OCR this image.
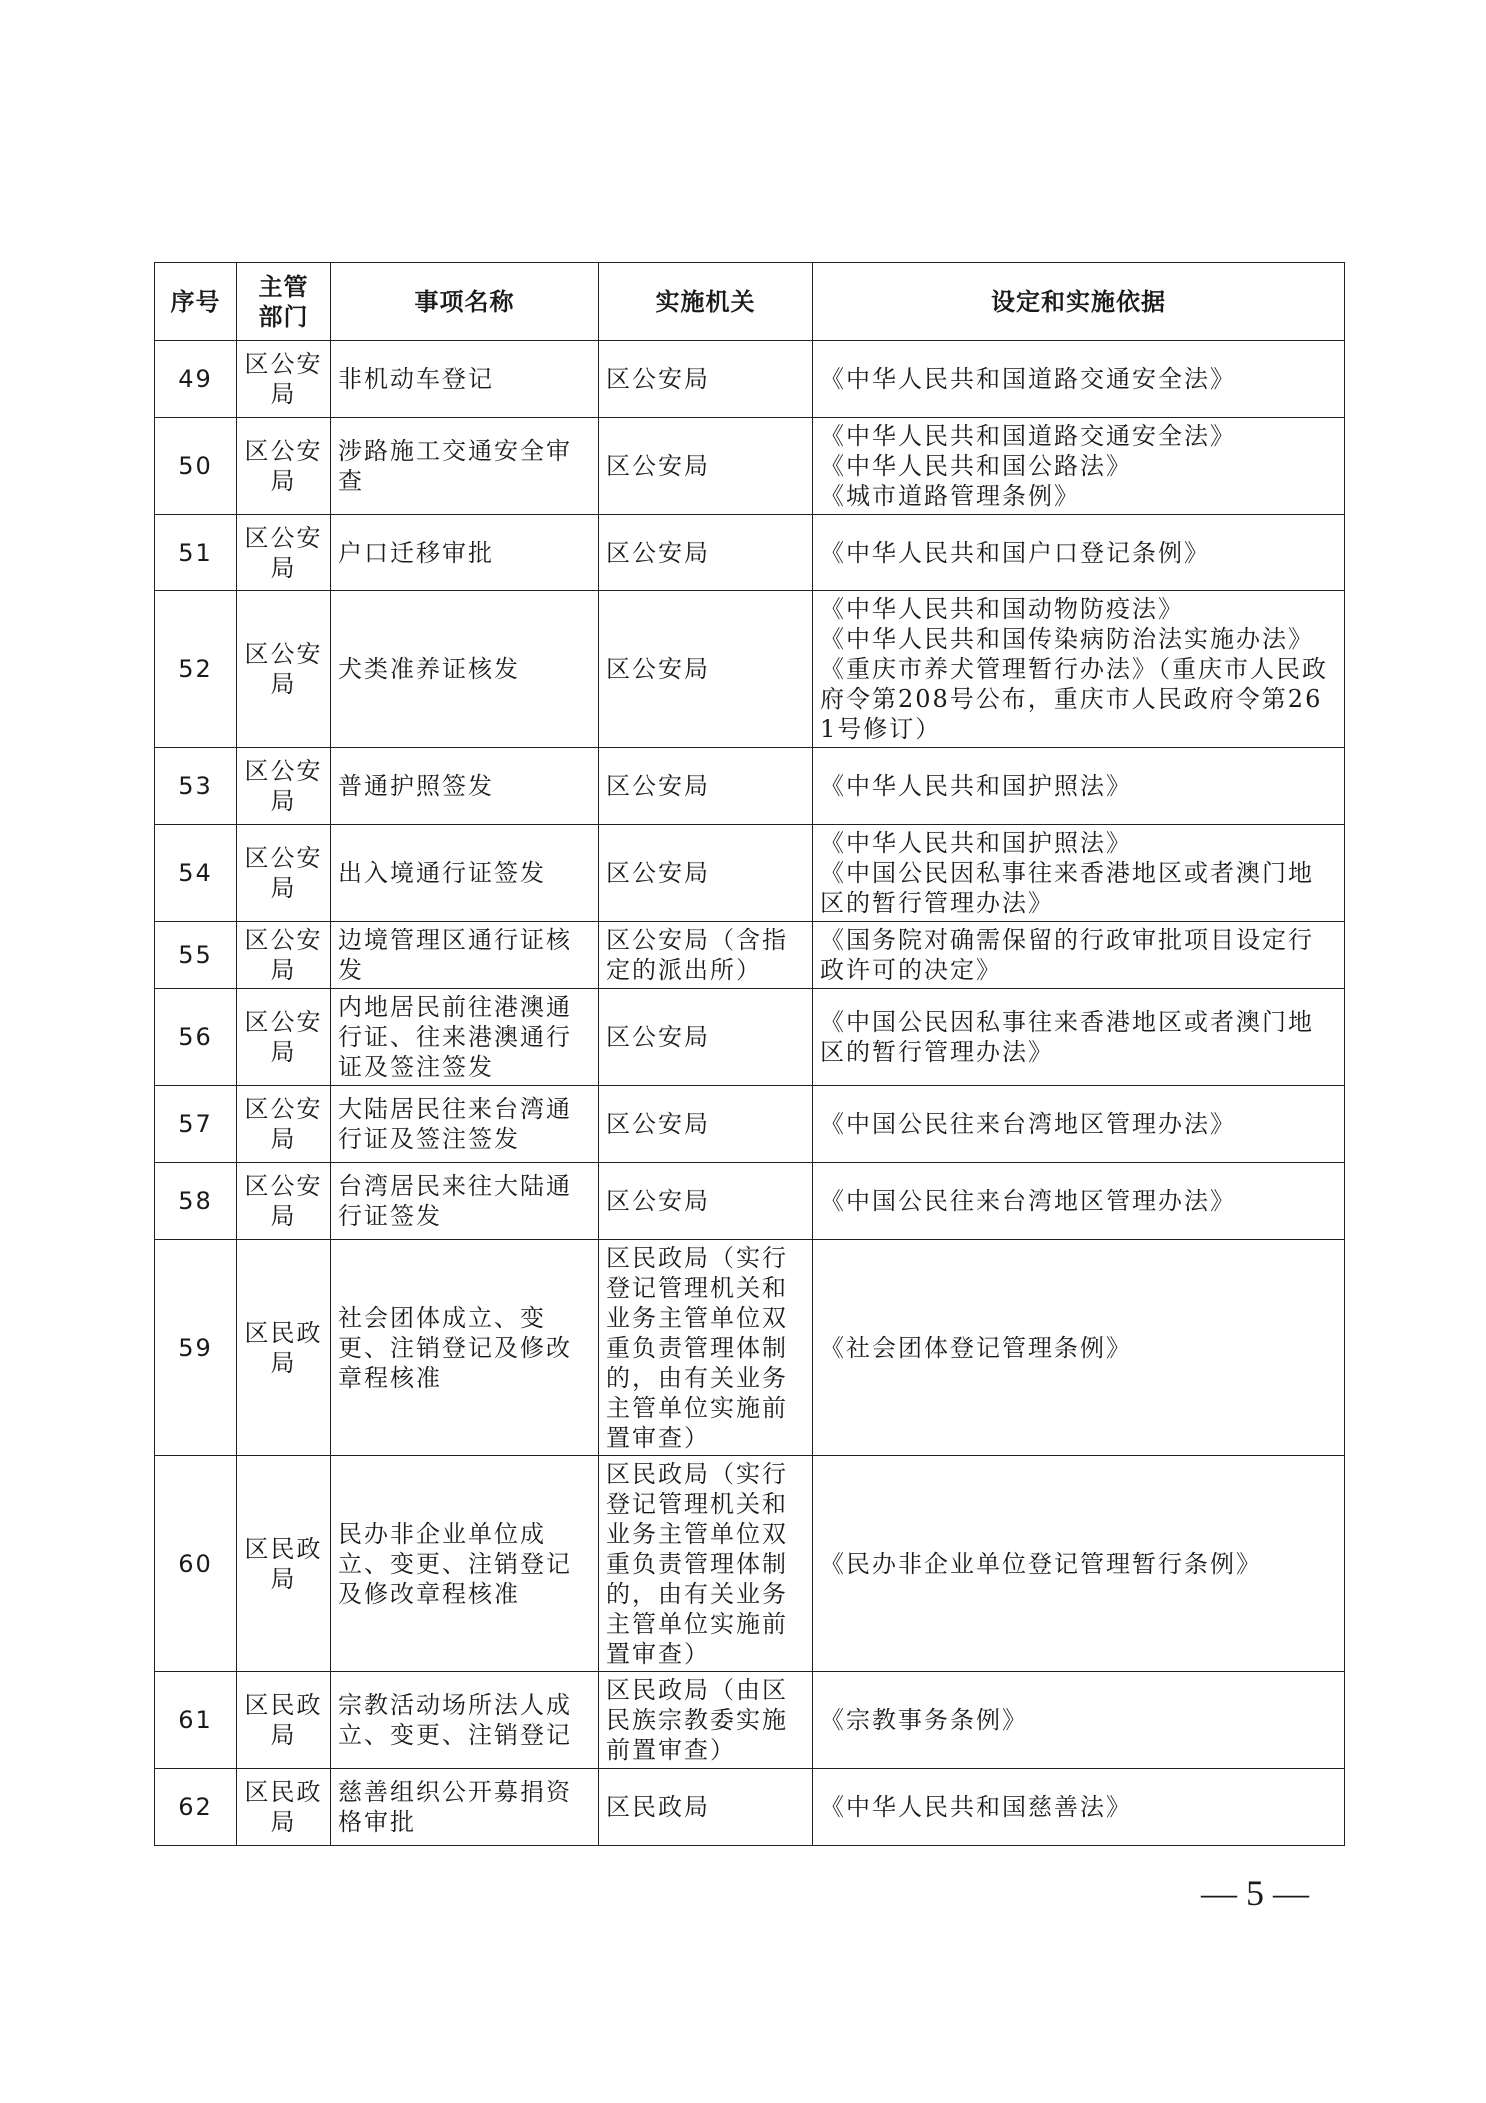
序号	主管部门	事项名称	实施机关	设定和实施依据
49	区公安局	非机动车登记	区公安局	《中华人民共和国道路交通安全法》
50	区公安局	涉路施工交通安全审查	区公安局	《中华人民共和国道路交通安全法》
《中华人民共和国公路法》
《城市道路管理条例》
51	区公安局	户口迁移审批	区公安局	《中华人民共和国户口登记条例》
52	区公安局	犬类准养证核发	区公安局	《中华人民共和国动物防疫法》
《中华人民共和国传染病防治法实施办法》
《重庆市养犬管理暂行办法》（重庆市人民政府令第208号公布，重庆市人民政府令第261号修订）
53	区公安局	普通护照签发	区公安局	《中华人民共和国护照法》
54	区公安局	出入境通行证签发	区公安局	《中华人民共和国护照法》
《中国公民因私事往来香港地区或者澳门地区的暂行管理办法》
55	区公安局	边境管理区通行证核发	区公安局（含指定的派出所）	《国务院对确需保留的行政审批项目设定行政许可的决定》
56	区公安局	内地居民前往港澳通行证、往来港澳通行证及签注签发	区公安局	《中国公民因私事往来香港地区或者澳门地区的暂行管理办法》
57	区公安局	大陆居民往来台湾通行证及签注签发	区公安局	《中国公民往来台湾地区管理办法》
58	区公安局	台湾居民来往大陆通行证签发	区公安局	《中国公民往来台湾地区管理办法》
59	区民政局	社会团体成立、变更、注销登记及修改章程核准	区民政局（实行登记管理机关和业务主管单位双重负责管理体制的，由有关业务主管单位实施前置审查）	《社会团体登记管理条例》
60	区民政局	民办非企业单位成立、变更、注销登记及修改章程核准	区民政局（实行登记管理机关和业务主管单位双重负责管理体制的，由有关业务主管单位实施前置审查）	《民办非企业单位登记管理暂行条例》
61	区民政局	宗教活动场所法人成立、变更、注销登记	区民政局（由区民族宗教委实施前置审查）	《宗教事务条例》
62	区民政局	慈善组织公开募捐资格审批	区民政局	《中华人民共和国慈善法》
— 5 —
